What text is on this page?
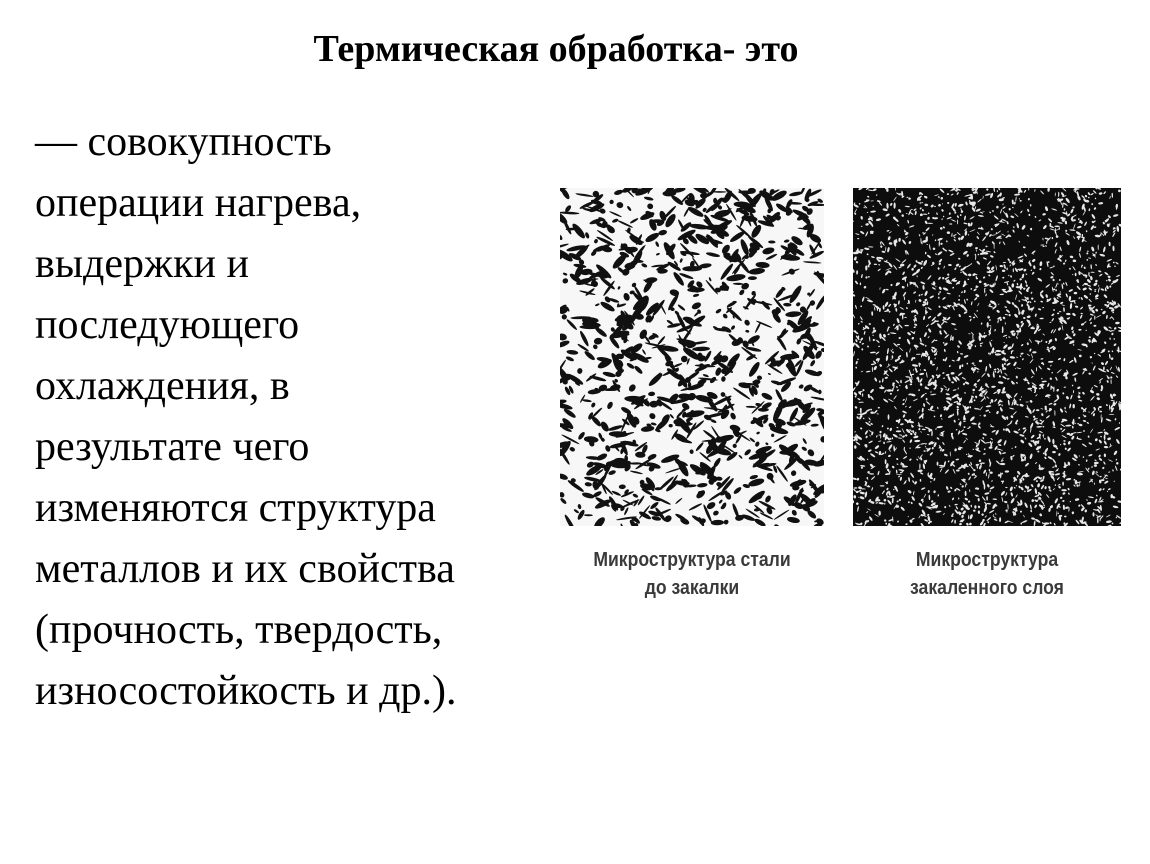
Термическая обработка- это
— совокупность
операции нагрева,
выдержки и
последующего
охлаждения, в
результате чего
изменяются структура
металлов и их свойства
(прочность, твердость,
износостойкость и др.).
Микроструктура стали
до закалки
Микроструктура
закаленного слоя
